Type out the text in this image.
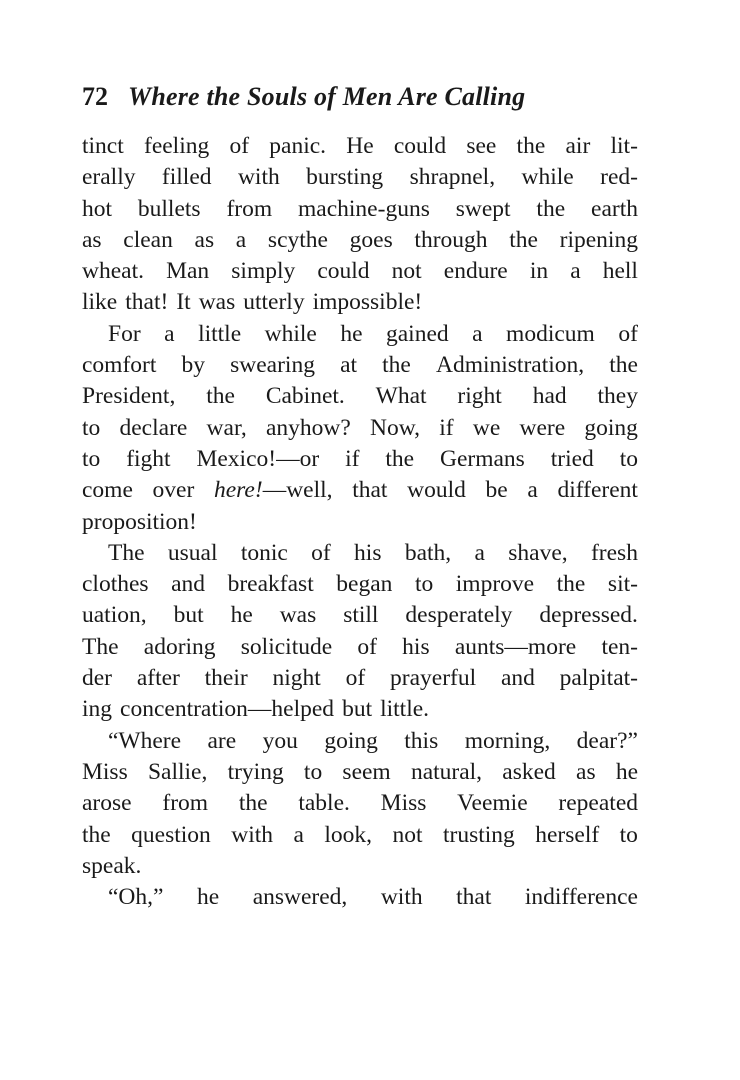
72 Where the Souls of Men Are Calling
tinct feeling of panic. He could see the air lit-
erally filled with bursting shrapnel, while red-
hot bullets from machine-guns swept the earth
as clean as a scythe goes through the ripening
wheat. Man simply could not endure in a hell
like that! It was utterly impossible!
For a little while he gained a modicum of
comfort by swearing at the Administration, the
President, the Cabinet. What right had they
to declare war, anyhow? Now, if we were going
to fight Mexico!—or if the Germans tried to
come over here!—well, that would be a different
proposition!
The usual tonic of his bath, a shave, fresh
clothes and breakfast began to improve the sit-
uation, but he was still desperately depressed.
The adoring solicitude of his aunts—more ten-
der after their night of prayerful and palpitat-
ing concentration—helped but little.
“Where are you going this morning, dear?”
Miss Sallie, trying to seem natural, asked as he
arose from the table. Miss Veemie repeated
the question with a look, not trusting herself to
speak.
“Oh,” he answered, with that indifference
